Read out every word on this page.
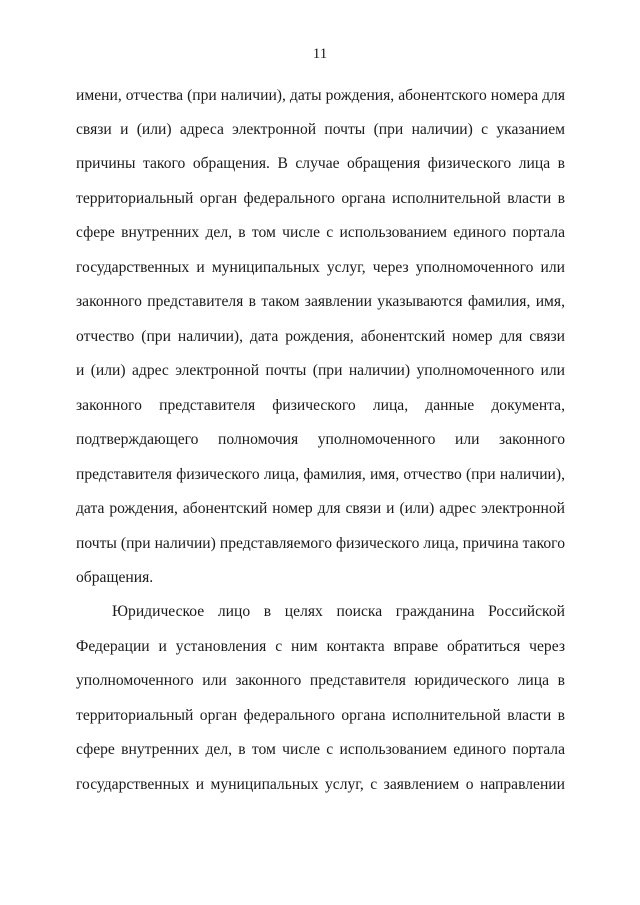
11
имени, отчества (при наличии), даты рождения, абонентского номера для
связи и (или) адреса электронной почты (при наличии) с указанием
причины такого обращения. В случае обращения физического лица в
территориальный орган федерального органа исполнительной власти в
сфере внутренних дел, в том числе с использованием единого портала
государственных и муниципальных услуг, через уполномоченного или
законного представителя в таком заявлении указываются фамилия, имя,
отчество (при наличии), дата рождения, абонентский номер для связи
и (или) адрес электронной почты (при наличии) уполномоченного или
законного представителя физического лица, данные документа,
подтверждающего полномочия уполномоченного или законного
представителя физического лица, фамилия, имя, отчество (при наличии),
дата рождения, абонентский номер для связи и (или) адрес электронной
почты (при наличии) представляемого физического лица, причина такого
обращения.
Юридическое лицо в целях поиска гражданина Российской
Федерации и установления с ним контакта вправе обратиться через
уполномоченного или законного представителя юридического лица в
территориальный орган федерального органа исполнительной власти в
сфере внутренних дел, в том числе с использованием единого портала
государственных и муниципальных услуг, с заявлением о направлении
